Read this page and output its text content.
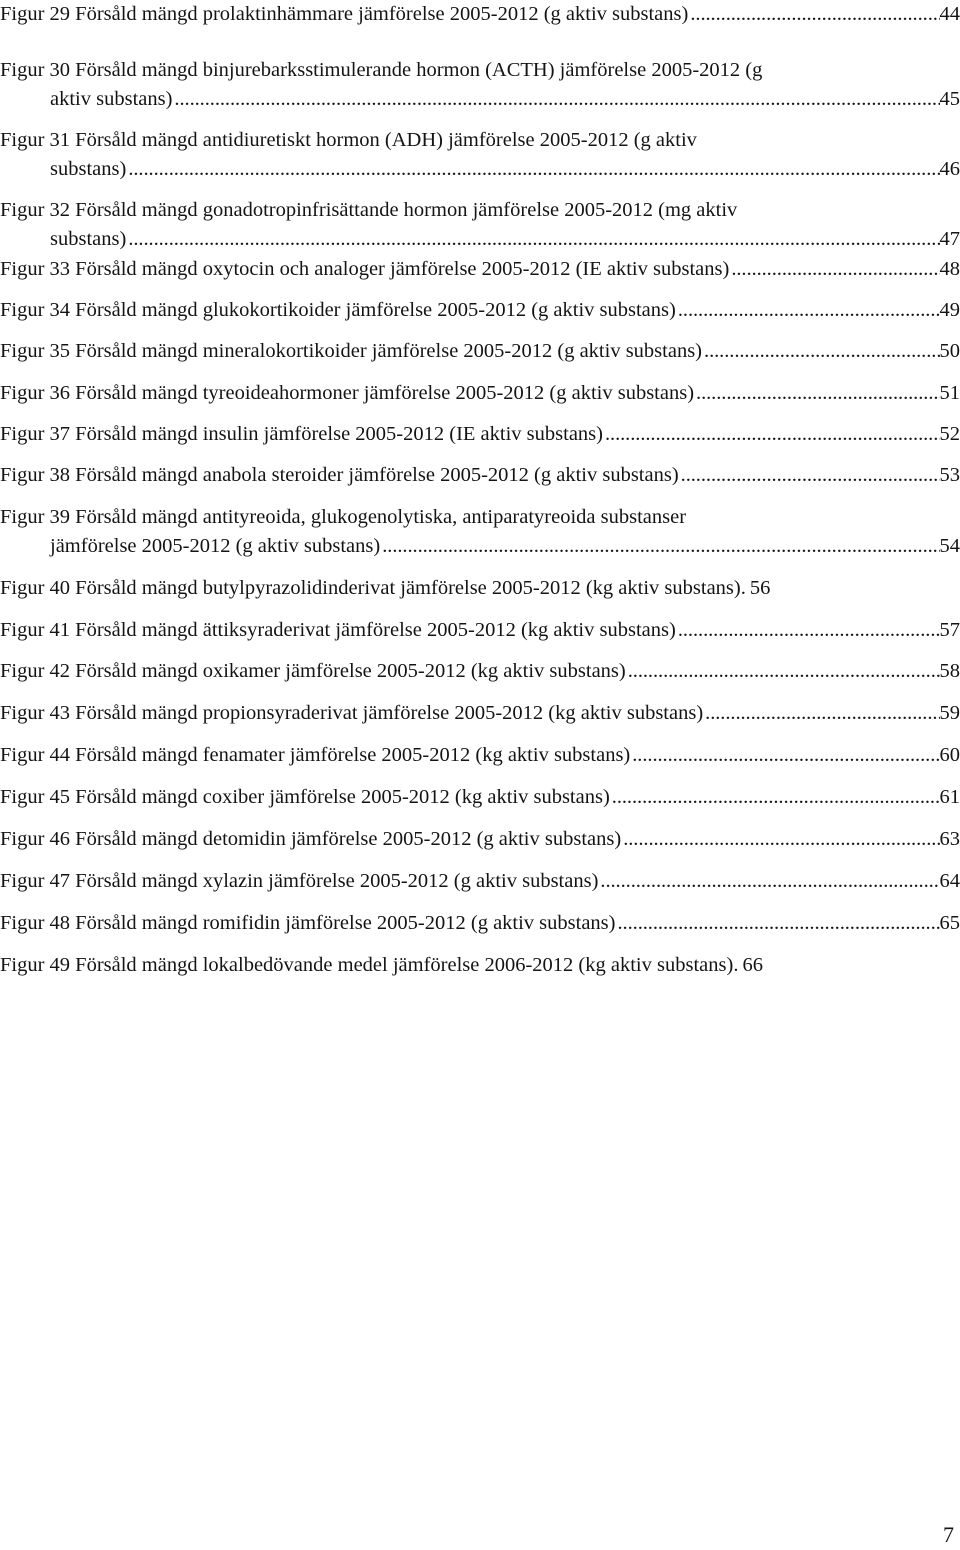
Figur 29 Försåld mängd prolaktinhämmare jämförelse 2005-2012 (g aktiv substans) . . .	44
Figur 30 Försåld mängd binjurebarksstimulerande hormon (ACTH) jämförelse 2005-2012 (g
aktiv substans) . . .	45
Figur 31 Försåld mängd antidiuretiskt hormon (ADH) jämförelse 2005-2012 (g aktiv
substans) . . .	46
Figur 32 Försåld mängd gonadotropinfrisättande hormon jämförelse 2005-2012 (mg aktiv
substans) . . .	47
Figur 33 Försåld mängd oxytocin och analoger jämförelse 2005-2012 (IE aktiv substans) . . .	48
Figur 34 Försåld mängd glukokortikoider jämförelse 2005-2012 (g aktiv substans) . . .	49
Figur 35 Försåld mängd mineralokortikoider jämförelse 2005-2012 (g aktiv substans) . . .	50
Figur 36 Försåld mängd tyreoideahormoner jämförelse 2005-2012 (g aktiv substans) . . .	51
Figur 37 Försåld mängd insulin jämförelse 2005-2012 (IE aktiv substans) . . .	52
Figur 38 Försåld mängd anabola steroider jämförelse 2005-2012 (g aktiv substans) . . .	53
Figur 39 Försåld mängd antityreoida, glukogenolytiska, antiparatyreoida substanser
jämförelse 2005-2012 (g aktiv substans) . . .	54
Figur 40 Försåld mängd butylpyrazolidinderivat jämförelse 2005-2012 (kg aktiv substans) . 56
Figur 41 Försåld mängd ättiksyraderivat jämförelse 2005-2012 (kg aktiv substans) . . .	57
Figur 42 Försåld mängd oxikamer jämförelse 2005-2012 (kg aktiv substans) . . .	58
Figur 43 Försåld mängd propionsyraderivat jämförelse 2005-2012 (kg aktiv substans) . . .	59
Figur 44 Försåld mängd fenamater jämförelse 2005-2012 (kg aktiv substans) . . .	60
Figur 45 Försåld mängd coxiber jämförelse 2005-2012 (kg aktiv substans) . . .	61
Figur 46 Försåld mängd detomidin jämförelse 2005-2012 (g aktiv substans) . . .	63
Figur 47 Försåld mängd xylazin jämförelse 2005-2012 (g aktiv substans) . . .	64
Figur 48 Försåld mängd romifidin jämförelse 2005-2012 (g aktiv substans) . . .	65
Figur 49 Försåld mängd lokalbedövande medel jämförelse 2006-2012 (kg aktiv substans) . 66
7
